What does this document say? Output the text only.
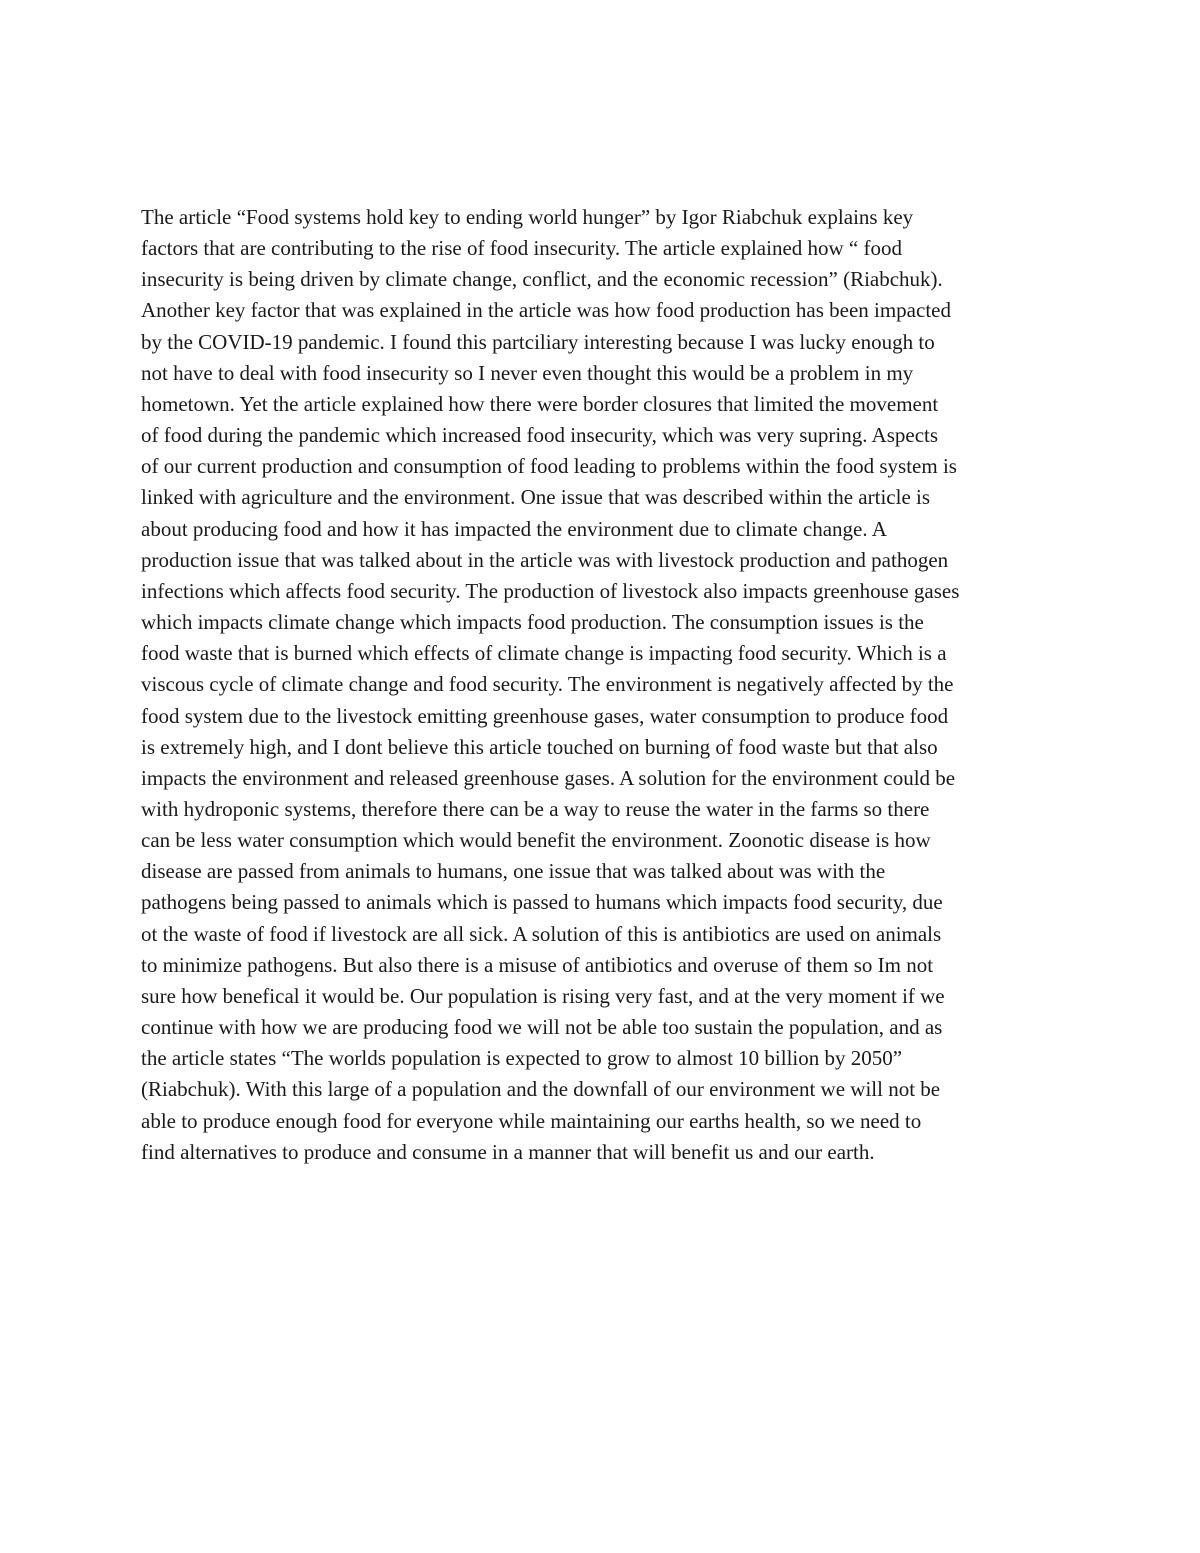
The article “Food systems hold key to ending world hunger” by Igor Riabchuk explains key
factors that are contributing to the rise of food insecurity. The article explained how “ food
insecurity is being driven by climate change, conflict, and the economic recession” (Riabchuk).
Another key factor that was explained in the article was how food production has been impacted
by the COVID-19 pandemic. I found this partciliary interesting because I was lucky enough to
not have to deal with food insecurity so I never even thought this would be a problem in my
hometown. Yet the article explained how there were border closures that limited the movement
of food during the pandemic which increased food insecurity, which was very supring. Aspects
of our current production and consumption of food leading to problems within the food system is
linked with agriculture and the environment. One issue that was described within the article is
about producing food and how it has impacted the environment due to climate change. A
production issue that was talked about in the article was with livestock production and pathogen
infections which affects food security. The production of livestock also impacts greenhouse gases
which impacts climate change which impacts food production. The consumption issues is the
food waste that is burned which effects of climate change is impacting food security. Which is a
viscous cycle of climate change and food security. The environment is negatively affected by the
food system due to the livestock emitting greenhouse gases, water consumption to produce food
is extremely high, and I dont believe this article touched on burning of food waste but that also
impacts the environment and released greenhouse gases. A solution for the environment could be
with hydroponic systems, therefore there can be a way to reuse the water in the farms so there
can be less water consumption which would benefit the environment. Zoonotic disease is how
disease are passed from animals to humans, one issue that was talked about was with the
pathogens being passed to animals which is passed to humans which impacts food security, due
ot the waste of food if livestock are all sick. A solution of this is antibiotics are used on animals
to minimize pathogens. But also there is a misuse of antibiotics and overuse of them so Im not
sure how benefical it would be. Our population is rising very fast, and at the very moment if we
continue with how we are producing food we will not be able too sustain the population, and as
the article states “The worlds population is expected to grow to almost 10 billion by 2050”
(Riabchuk). With this large of a population and the downfall of our environment we will not be
able to produce enough food for everyone while maintaining our earths health, so we need to
find alternatives to produce and consume in a manner that will benefit us and our earth.
